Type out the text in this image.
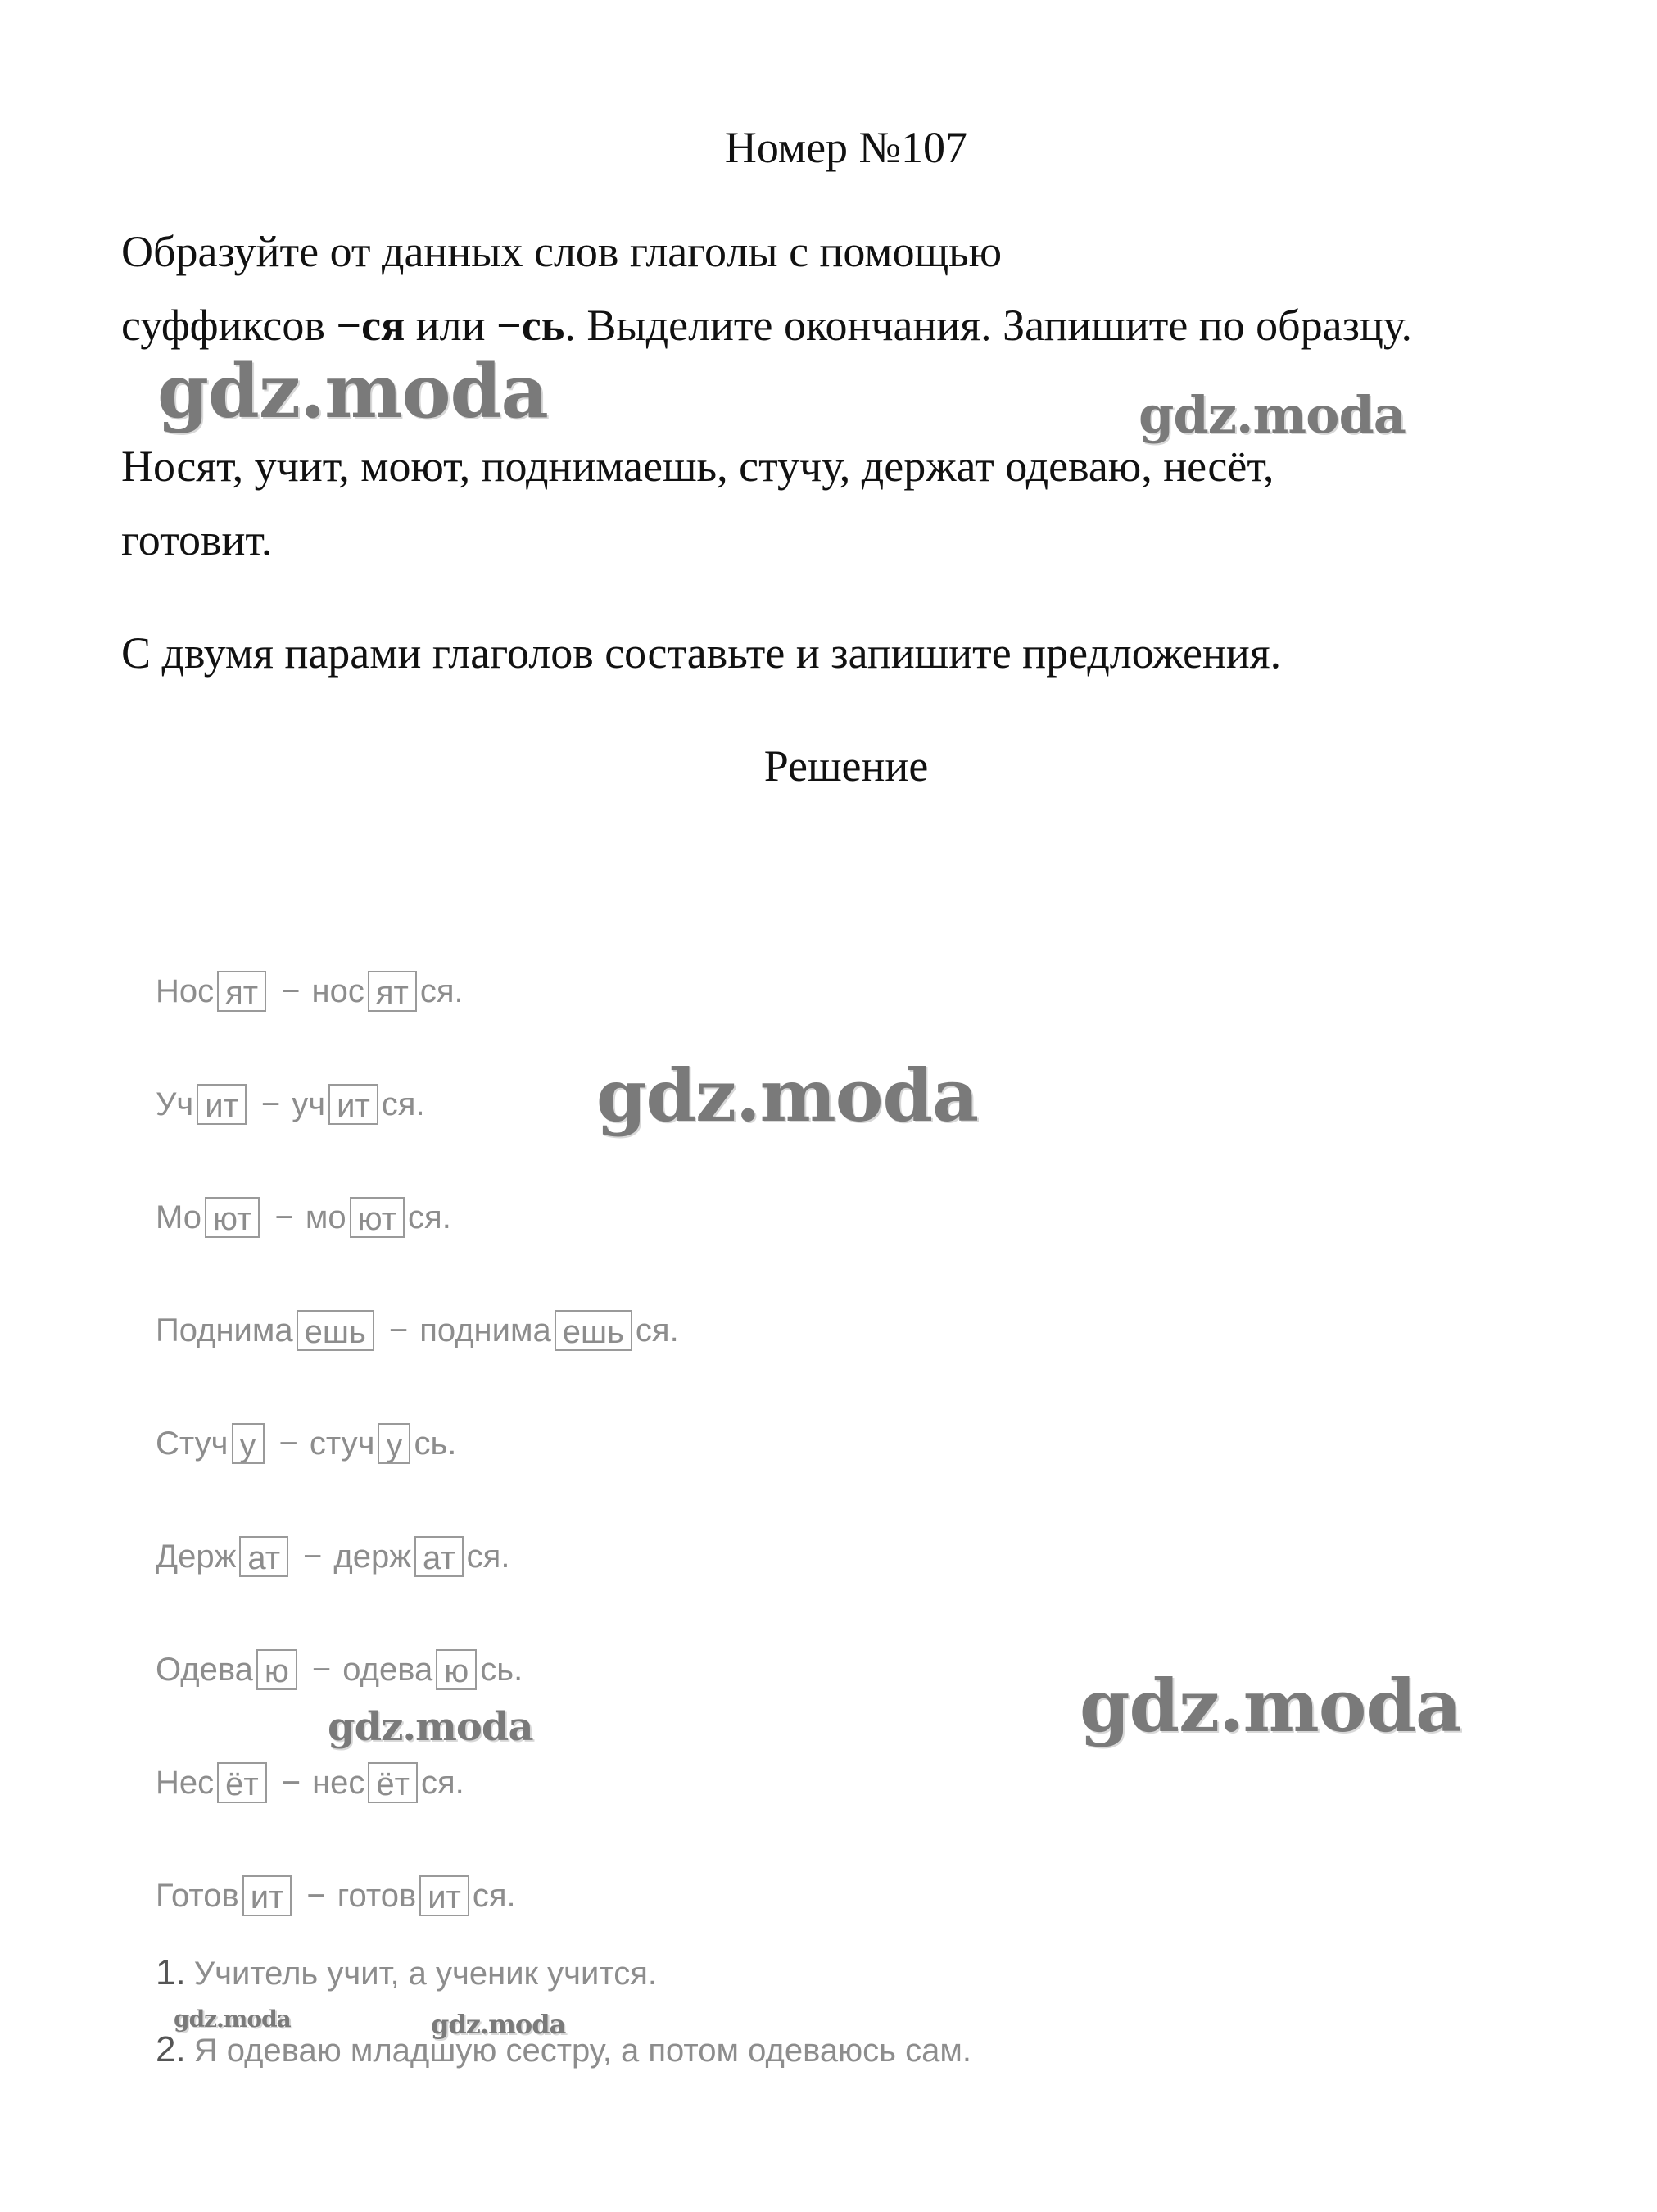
Номер №107
Образуйте от данных слов глаголы с помощью
суффиксов −ся или −сь. Выделите окончания. Запишите по образцу.
Носят, учит, моют, поднимаешь, стучу, держат одеваю, несёт,
готовит.
С двумя парами глаголов составьте и запишите предложения.
Решение
Нос ят − нос ят ся.
Уч ит − уч ит ся.
Мо ют − мо ют ся.
Поднима ешь − поднима ешь ся.
Стуч у − стуч у сь.
Держ ат − держ ат ся.
Одева ю − одева ю сь.
Нес ёт − нес ёт ся.
Готов ит − готов ит ся.
1. Учитель учит, а ученик учится.
2. Я одеваю младшую сестру, а потом одеваюсь сам.
gdz.moda	gdz.moda
gdz.moda
gdz.moda
gdz.moda
gdz.moda	gdz.moda
